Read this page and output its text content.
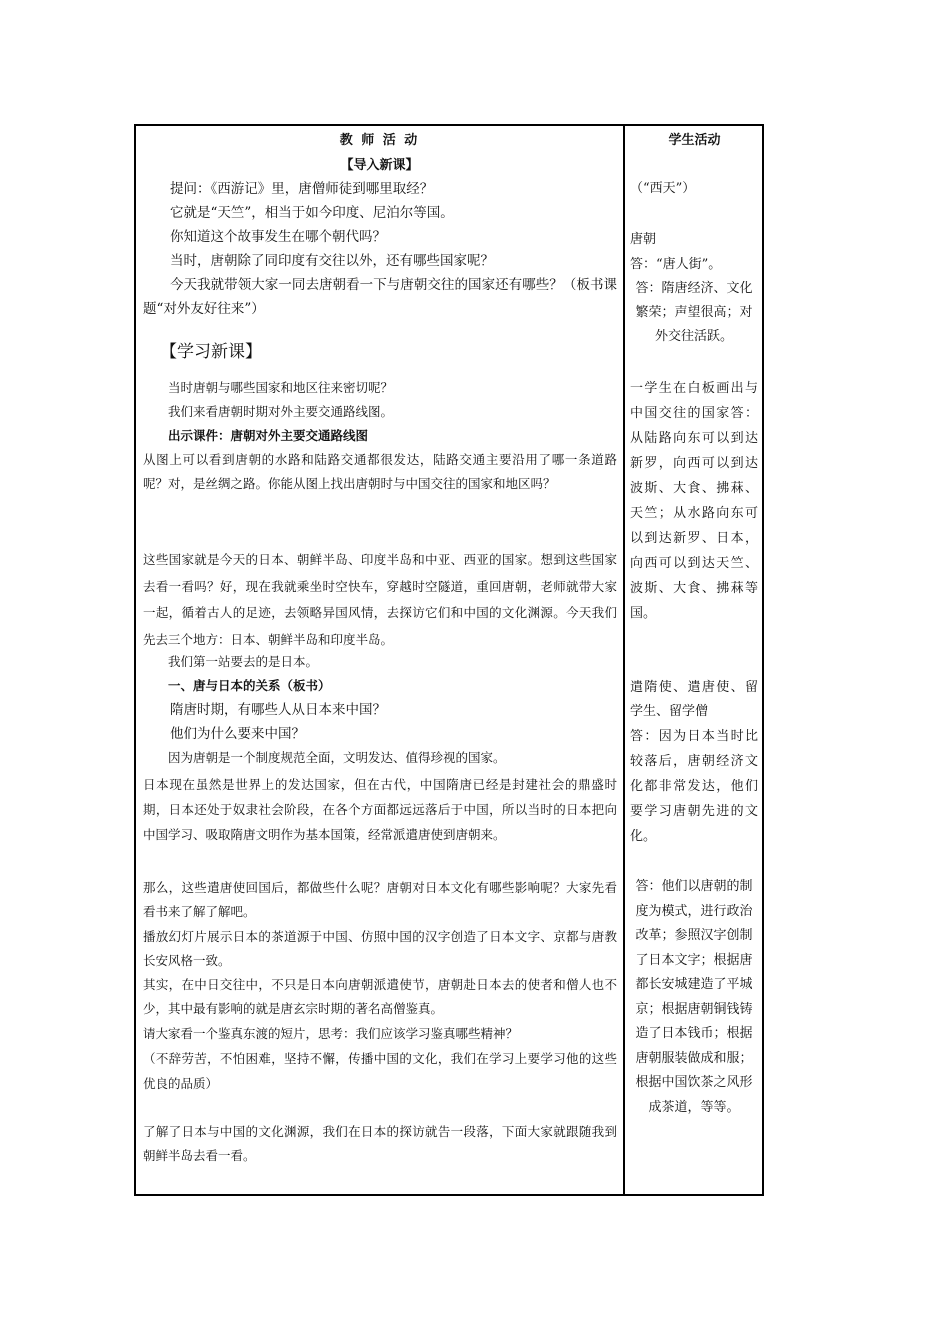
教 师 活 动	学生活动
【导入新课】

提问：《西游记》里，唐僧师徒到哪里取经？

它就是“天竺”，相当于如今印度、尼泊尔等国。

你知道这个故事发生在哪个朝代吗？

当时，唐朝除了同印度有交往以外，还有哪些国家呢？

今天我就带领大家一同去唐朝看一下与唐朝交往的国家还有哪些？（板书课题“对外友好往来”）

【学习新课】

当时唐朝与哪些国家和地区往来密切呢？

我们来看唐朝时期对外主要交通路线图。

出示课件：唐朝对外主要交通路线图

从图上可以看到唐朝的水路和陆路交通都很发达，陆路交通主要沿用了哪一条道路呢？对，是丝绸之路。你能从图上找出唐朝时与中国交往的国家和地区吗？
这些国家就是今天的日本、朝鲜半岛、印度半岛和中亚、西亚的国家。想到这些国家去看一看吗？好，现在我就乘坐时空快车，穿越时空隧道，重回唐朝，老师就带大家一起，循着古人的足迹，去领略异国风情，去探访它们和中国的文化渊源。今天我们先去三个地方：日本、朝鲜半岛和印度半岛。

我们第一站要去的是日本。

一、唐与日本的关系（板书）

隋唐时期，有哪些人从日本来中国？

他们为什么要来中国？

因为唐朝是一个制度规范全面，文明发达、值得珍视的国家。

日本现在虽然是世界上的发达国家，但在古代，中国隋唐已经是封建社会的鼎盛时期，日本还处于奴隶社会阶段，在各个方面都远远落后于中国，所以当时的日本把向中国学习、吸取隋唐文明作为基本国策，经常派遣唐使到唐朝来。
那么，这些遣唐使回国后，都做些什么呢？唐朝对日本文化有哪些影响呢？大家先看看书来了解了解吧。
播放幻灯片展示日本的茶道源于中国、仿照中国的汉字创造了日本文字、京都与唐教长安风格一致。
其实，在中日交往中，不只是日本向唐朝派遣使节，唐朝赴日本去的使者和僧人也不少，其中最有影响的就是唐玄宗时期的著名高僧鉴真。
请大家看一个鉴真东渡的短片，思考：我们应该学习鉴真哪些精神？
（不辞劳苦，不怕困难，坚持不懈，传播中国的文化，我们在学习上要学习他的这些优良的品质）
了解了日本与中国的文化渊源，我们在日本的探访就告一段落，下面大家就跟随我到朝鲜半岛去看一看。
（“西天”）
唐朝
答：“唐人街”。
答：隋唐经济、文化繁荣；声望很高；对外交往活跃。
一学生在白板画出与中国交往的国家答：从陆路向东可以到达新罗，向西可以到达波斯、大食、拂菻、天竺；从水路向东可以到达新罗、日本，向西可以到达天竺、波斯、大食、拂菻等国。
遣隋使、遣唐使、留学生、留学僧
答：因为日本当时比较落后，唐朝经济文化都非常发达，他们要学习唐朝先进的文化。
答：他们以唐朝的制度为模式，进行政治改革；参照汉字创制了日本文字；根据唐都长安城建造了平城京；根据唐朝铜钱铸造了日本钱币；根据唐朝服装做成和服；根据中国饮茶之风形成茶道，等等。
